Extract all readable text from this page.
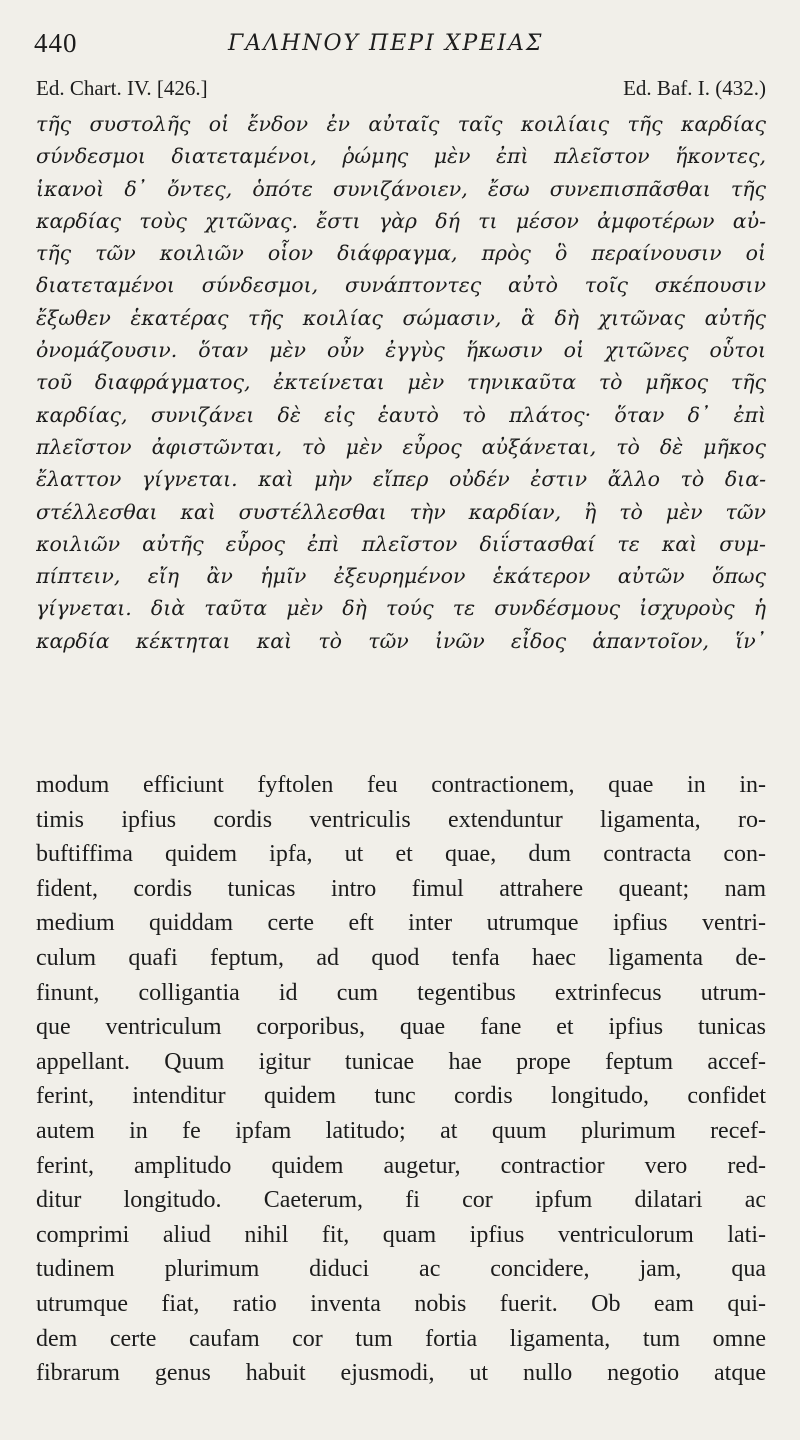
440	ΓΑΛΗΝΟΥ ΠΕΡΙ ΧΡΕΙΑΣ
Ed. Chart. IV. [426.]	Ed. Baf. I. (432.)
τῆς συστολῆς οἱ ἔνδον ἐν αὐταῖς ταῖς κοιλίαις τῆς καρδίας
σύνδεσμοι διατεταμένοι, ῥώμης μὲν ἐπὶ πλεῖστον ἥκοντες,
ἱκανοὶ δ᾽ ὄντες, ὁπότε συνιζάνοιεν, ἔσω συνεπισπᾶσθαι τῆς
καρδίας τοὺς χιτῶνας. ἔστι γὰρ δή τι μέσον ἀμφοτέρων αὐ-
τῆς τῶν κοιλιῶν οἷον διάφραγμα, πρὸς ὃ περαίνουσιν οἱ
διατεταμένοι σύνδεσμοι, συνάπτοντες αὐτὸ τοῖς σκέπουσιν
ἔξωθεν ἑκατέρας τῆς κοιλίας σώμασιν, ἃ δὴ χιτῶνας αὐτῆς
ὀνομάζουσιν. ὅταν μὲν οὖν ἐγγὺς ἥκωσιν οἱ χιτῶνες οὗτοι
τοῦ διαφράγματος, ἐκτείνεται μὲν τηνικαῦτα τὸ μῆκος τῆς
καρδίας, συνιζάνει δὲ εἰς ἑαυτὸ τὸ πλάτος· ὅταν δ᾽ ἐπὶ
πλεῖστον ἀφιστῶνται, τὸ μὲν εὖρος αὐξάνεται, τὸ δὲ μῆκος
ἔλαττον γίγνεται. καὶ μὴν εἴπερ οὐδέν ἐστιν ἄλλο τὸ δια-
στέλλεσθαι καὶ συστέλλεσθαι τὴν καρδίαν, ἢ τὸ μὲν τῶν
κοιλιῶν αὐτῆς εὖρος ἐπὶ πλεῖστον διΐστασθαί τε καὶ συμ-
πίπτειν, εἴη ἂν ἡμῖν ἐξευρημένον ἑκάτερον αὐτῶν ὅπως
γίγνεται. διὰ ταῦτα μὲν δὴ τούς τε συνδέσμους ἰσχυροὺς ἡ
καρδία κέκτηται καὶ τὸ τῶν ἰνῶν εἶδος ἁπαντοῖον, ἵν᾽
modum efficiunt fyftolen feu contractionem, quae in in-
timis ipfius cordis ventriculis extenduntur ligamenta, ro-
buftiffima quidem ipfa, ut et quae, dum contracta con-
fident, cordis tunicas intro fimul attrahere queant; nam
medium quiddam certe eft inter utrumque ipfius ventri-
culum quafi feptum, ad quod tenfa haec ligamenta de-
finunt, colligantia id cum tegentibus extrinfecus utrum-
que ventriculum corporibus, quae fane et ipfius tunicas
appellant. Quum igitur tunicae hae prope feptum accef-
ferint, intenditur quidem tunc cordis longitudo, confidet
autem in fe ipfam latitudo; at quum plurimum recef-
ferint, amplitudo quidem augetur, contractior vero red-
ditur longitudo. Caeterum, fi cor ipfum dilatari ac
comprimi aliud nihil fit, quam ipfius ventriculorum lati-
tudinem plurimum diduci ac concidere, jam, qua
utrumque fiat, ratio inventa nobis fuerit. Ob eam qui-
dem certe caufam cor tum fortia ligamenta, tum omne
fibrarum genus habuit ejusmodi, ut nullo negotio atque
